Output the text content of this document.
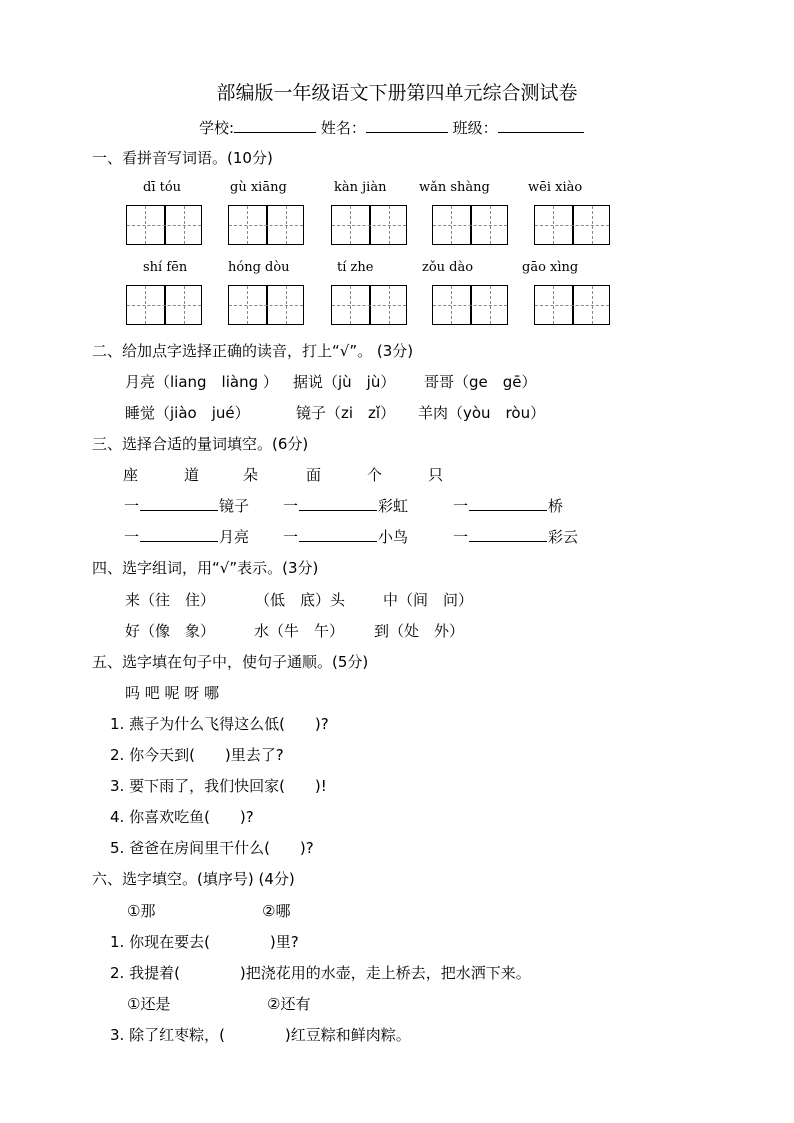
部编版一年级语文下册第四单元综合测试卷
学校:	姓名：	班级：
一、看拼音写词语。(10分)
dī tóu	gù xiāng	kàn jiàn	wǎn shàng	wēi xiào
shí fēn	hóng dòu	tí zhe	zǒu dào	gāo xìng
二、给加点字选择正确的读音，打上“√”。 (3分)
月亮（liang　liàng ） 据说（jù　jù） 哥哥（ge　gē）
睡觉（jiào　jué）	镜子（zi　zǐ） 羊肉（yòu　ròu）
三、选择合适的量词填空。(6分)
座	道	朵	面	个	只
一	镜子 一	彩虹	一	桥
一	月亮 一	小鸟	一	彩云
四、选字组词，用“√”表示。(3分)
来（往　住）	（低　底）头	中（间　问）
好（像　象）	水（牛　午） 到（处　外）
五、选字填在句子中，使句子通顺。(5分)
吗 吧 呢 呀 哪
1. 燕子为什么飞得这么低(　　)?
2. 你今天到(　　)里去了?
3. 要下雨了，我们快回家(　　)!
4. 你喜欢吃鱼(　　)?
5. 爸爸在房间里干什么(　　)?
六、选字填空。(填序号) (4分)
①那	②哪
1. 你现在要去(　　　　)里?
2. 我提着(　　　　)把浇花用的水壶，走上桥去，把水洒下来。
①还是	②还有
3. 除了红枣粽，(　　　　)红豆粽和鲜肉粽。
